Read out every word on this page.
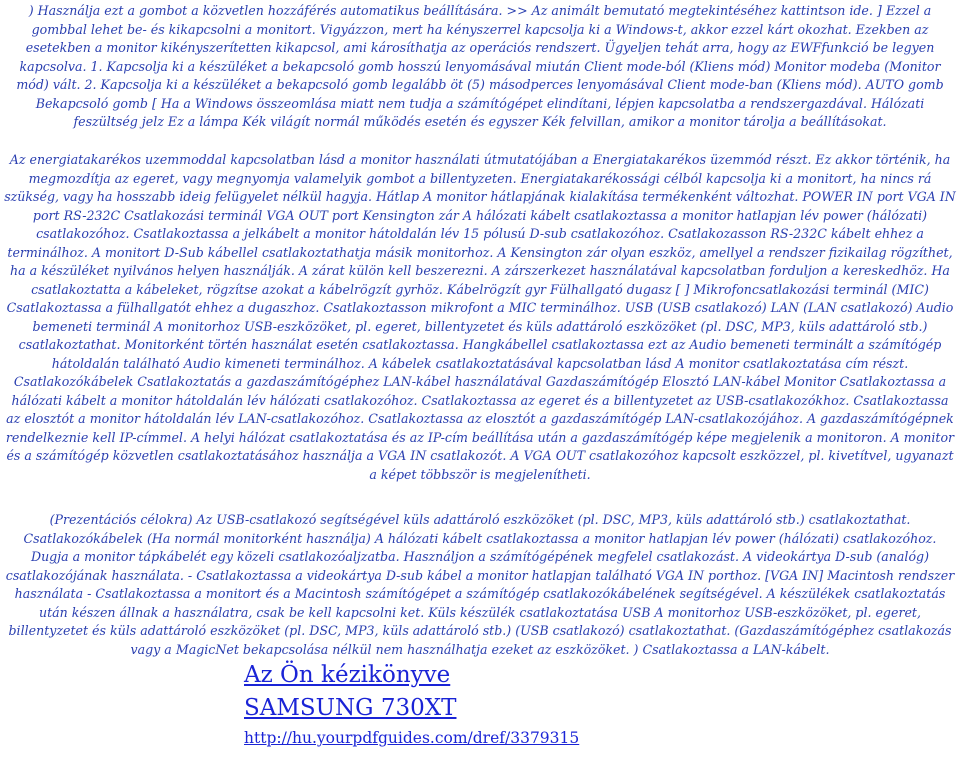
) Használja ezt a gombot a közvetlen hozzáférés automatikus beállítására. >> Az animált bemutató megtekintéséhez kattintson ide. ] Ezzel a gombbal lehet be- és kikapcsolni a monitort. Vigyázzon, mert ha kényszerrel kapcsolja ki a Windows-t, akkor ezzel kárt okozhat. Ezekben az esetekben a monitor kikényszerítetten kikapcsol, ami károsíthatja az operációs rendszert. Ügyeljen tehát arra, hogy az EWFfunkció be legyen kapcsolva. 1. Kapcsolja ki a készüléket a bekapcsoló gomb hosszú lenyomásával miután Client mode-ból (Kliens mód) Monitor modeba (Monitor mód) vált. 2. Kapcsolja ki a készüléket a bekapcsoló gomb legalább öt (5) másodperces lenyomásával Client mode-ban (Kliens mód). AUTO gomb Bekapcsoló gomb [ Ha a Windows összeomlása miatt nem tudja a számítógépet elindítani, lépjen kapcsolatba a rendszergazdával. Hálózati feszültség jelz Ez a lámpa Kék világít normál működés esetén és egyszer Kék felvillan, amikor a monitor tárolja a beállításokat.

Az energiatakarékos uzemmoddal kapcsolatban lásd a monitor használati útmutatójában a Energiatakarékos üzemmód részt. Ez akkor történik, ha megmozdítja az egeret, vagy megnyomja valamelyik gombot a billentyzeten. Energiatakarékossági célból kapcsolja ki a monitort, ha nincs rá szükség, vagy ha hosszabb ideig felügyelet nélkül hagyja. Hátlap A monitor hátlapjának kialakítása termékenként változhat. POWER IN port VGA IN port RS-232C Csatlakozási terminál VGA OUT port Kensington zár A hálózati kábelt csatlakoztassa a monitor hatlapjan lév power (hálózati) csatlakozóhoz. Csatlakoztassa a jelkábelt a monitor hátoldalán lév 15 pólusú D-sub csatlakozóhoz. Csatlakozasson RS-232C kábelt ehhez a terminálhoz. A monitort D-Sub kábellel csatlakoztathatja másik monitorhoz. A Kensington zár olyan eszköz, amellyel a rendszer fizikailag rögzíthet, ha a készüléket nyilvános helyen használják. A zárat külön kell beszerezni. A zárszerkezet használatával kapcsolatban forduljon a kereskedhöz. Ha csatlakoztatta a kábeleket, rögzítse azokat a kábelrögzít gyrhöz. Kábelrögzít gyr Fülhallgató dugasz [ ] Mikrofoncsatlakozási terminál (MIC) Csatlakoztassa a fülhallgatót ehhez a dugaszhoz. Csatlakoztasson mikrofont a MIC terminálhoz. USB (USB csatlakozó) LAN (LAN csatlakozó) Audio bemeneti terminál A monitorhoz USB-eszközöket, pl. egeret, billentyzetet és küls adattároló eszközöket (pl. DSC, MP3, küls adattároló stb.) csatlakoztathat. Monitorként történ használat esetén csatlakoztassa. Hangkábellel csatlakoztassa ezt az Audio bemeneti terminált a számítógép hátoldalán található Audio kimeneti terminálhoz. A kábelek csatlakoztatásával kapcsolatban lásd A monitor csatlakoztatása cím részt. Csatlakozókábelek Csatlakoztatás a gazdaszámítógéphez LAN-kábel használatával Gazdaszámítógép Elosztó LAN-kábel Monitor Csatlakoztassa a hálózati kábelt a monitor hátoldalán lév hálózati csatlakozóhoz. Csatlakoztassa az egeret és a billentyzetet az USB-csatlakozókhoz. Csatlakoztassa az elosztót a monitor hátoldalán lév LAN-csatlakozóhoz. Csatlakoztassa az elosztót a gazdaszámítógép LAN-csatlakozójához. A gazdaszámítógépnek rendelkeznie kell IP-címmel. A helyi hálózat csatlakoztatása és az IP-cím beállítása után a gazdaszámítógép képe megjelenik a monitoron. A monitor és a számítógép közvetlen csatlakoztatásához használja a VGA IN csatlakozót. A VGA OUT csatlakozóhoz kapcsolt eszközzel, pl. kivetítvel, ugyanazt a képet többször is megjelenítheti.

(Prezentációs célokra) Az USB-csatlakozó segítségével küls adattároló eszközöket (pl. DSC, MP3, küls adattároló stb.) csatlakoztathat. Csatlakozókábelek (Ha normál monitorként használja) A hálózati kábelt csatlakoztassa a monitor hatlapjan lév power (hálózati) csatlakozóhoz. Dugja a monitor tápkábelét egy közeli csatlakozóaljzatba. Használjon a számítógépének megfelel csatlakozást. A videokártya D-sub (analóg) csatlakozójának használata. - Csatlakoztassa a videokártya D-sub kábel a monitor hatlapjan található VGA IN porthoz. [VGA IN] Macintosh rendszer használata - Csatlakoztassa a monitort és a Macintosh számítógépet a számítógép csatlakozókábelének segítségével. A készülékek csatlakoztatás után készen állnak a használatra, csak be kell kapcsolni ket. Küls készülék csatlakoztatása USB A monitorhoz USB-eszközöket, pl. egeret, billentyzetet és küls adattároló eszközöket (pl. DSC, MP3, küls adattároló stb.) (USB csatlakozó) csatlakoztathat. (Gazdaszámítógéphez csatlakozás vagy a MagicNet bekapcsolása nélkül nem használhatja ezeket az eszközöket. ) Csatlakoztassa a LAN-kábelt.

Az Ön kézikönyve
SAMSUNG 730XT
http://hu.yourpdfguides.com/dref/3379315
